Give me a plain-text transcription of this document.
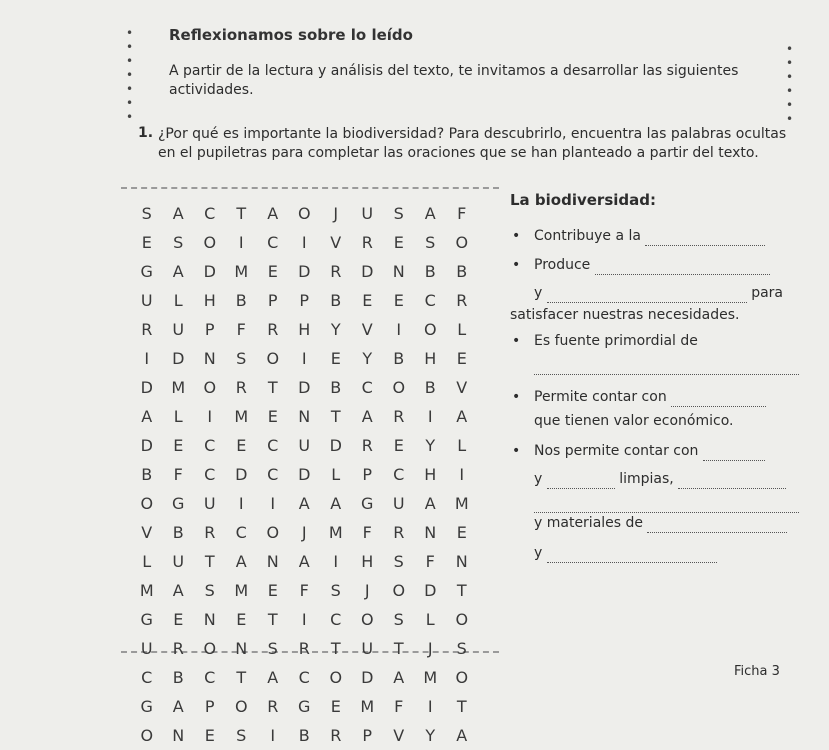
•
•
•
•
•
•
•
•
•
•
•
•
•
Reflexionamos sobre lo leído
A partir de la lectura y análisis del texto, te invitamos a desarrollar las siguientes actividades.
1. ¿Por qué es importante la biodiversidad? Para descubrirlo, encuentra las palabras ocultas en el pupiletras para completar las oraciones que se han planteado a partir del texto.
S	A	C	T	A	O	J	U	S	A	F
E	S	O	I	C	I	V	R	E	S	O
G	A	D	M	E	D	R	D	N	B	B
U	L	H	B	P	P	B	E	E	C	R
R	U	P	F	R	H	Y	V	I	O	L
I	D	N	S	O	I	E	Y	B	H	E
D	M	O	R	T	D	B	C	O	B	V
A	L	I	M	E	N	T	A	R	I	A
D	E	C	E	C	U	D	R	E	Y	L
B	F	C	D	C	D	L	P	C	H	I
O	G	U	I	I	A	A	G	U	A	M
V	B	R	C	O	J	M	F	R	N	E
L	U	T	A	N	A	I	H	S	F	N
M	A	S	M	E	F	S	J	O	D	T
G	E	N	E	T	I	C	O	S	L	O
U	R	O	N	S	R	T	U	T	J	S
C	B	C	T	A	C	O	D	A	M	O
G	A	P	O	R	G	E	M	F	I	T
O	N	E	S	I	B	R	P	V	Y	A
La biodiversidad:
• Contribuye a la
• Produce
y	para
satisfacer nuestras necesidades.
• Es fuente primordial de

• Permite contar con
que tienen valor económico.
• Nos permite contar con
y	limpias,

y materiales de
y
Ficha 3
